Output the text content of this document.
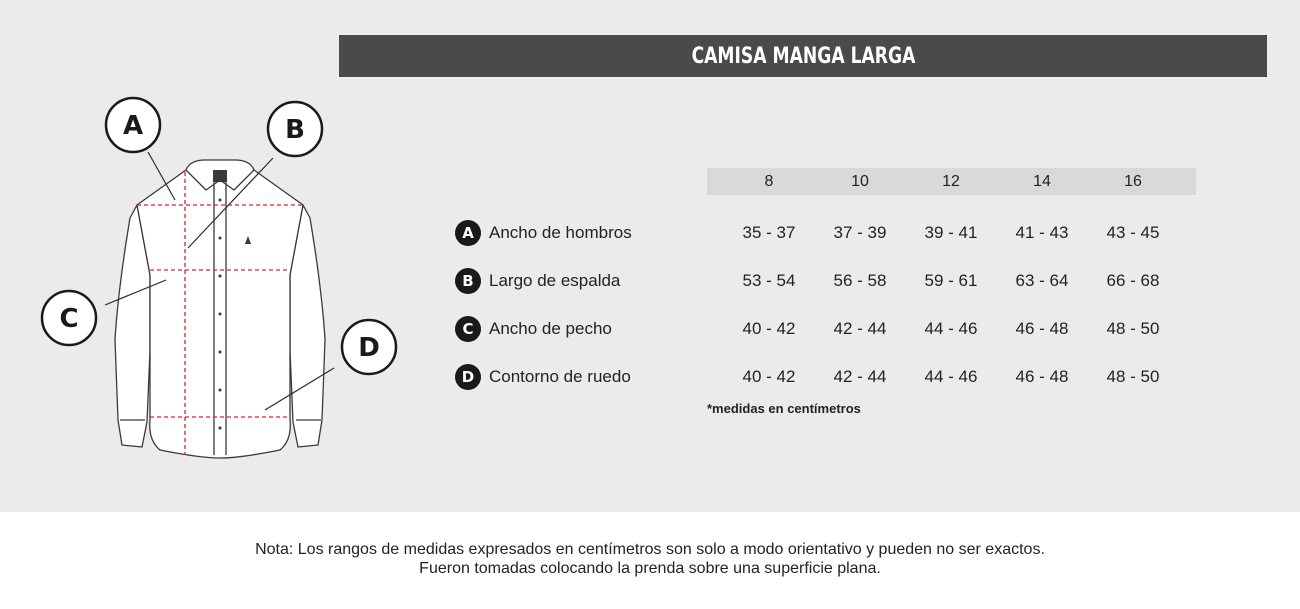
CAMISA MANGA LARGA
A	B
C
D
8	10	12	14	16
A Ancho de hombros	35 - 37	37 - 39	39 - 41	41 - 43	43 - 45
B Largo de espalda	53 - 54	56 - 58	59 - 61	63 - 64	66 - 68
C Ancho de pecho	40 - 42	42 - 44	44 - 46	46 - 48	48 - 50
D Contorno de ruedo	40 - 42	42 - 44	44 - 46	46 - 48	48 - 50
*medidas en centímetros
Nota: Los rangos de medidas expresados en centímetros son solo a modo orientativo y pueden no ser exactos.
Fueron tomadas colocando la prenda sobre una superficie plana.
